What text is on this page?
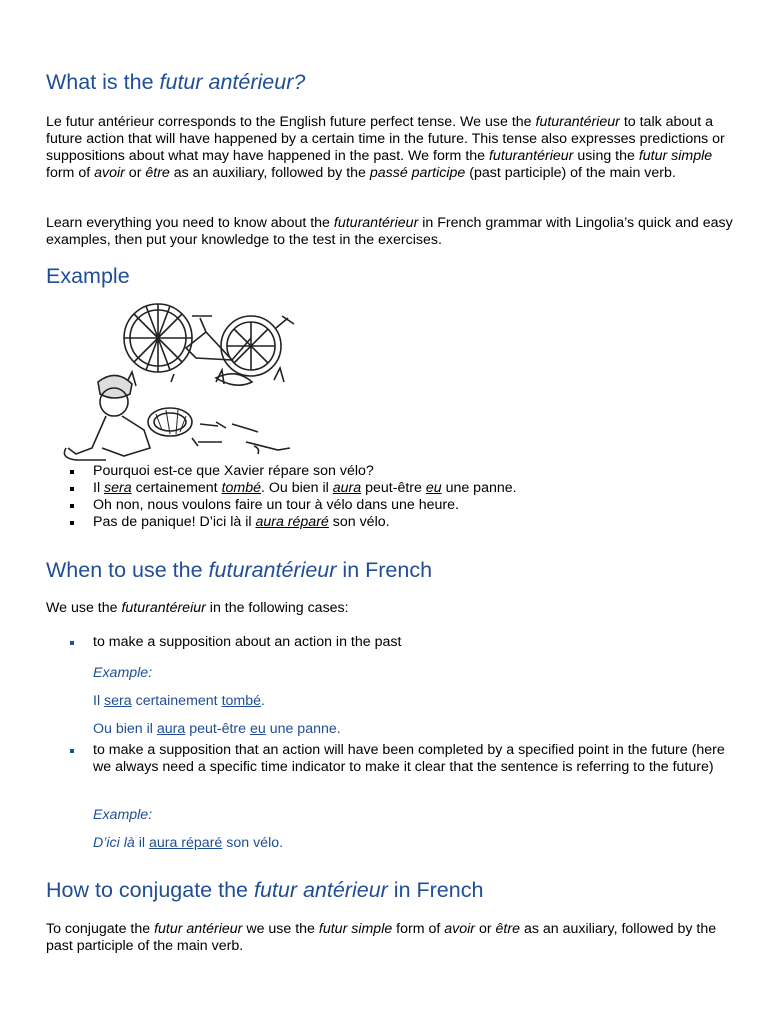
What is the futur antérieur?

Le futur antérieur corresponds to the English future perfect tense. We use the futurantérieur to talk about a future action that will have happened by a certain time in the future. This tense also expresses predictions or suppositions about what may have happened in the past. We form the futurantérieur using the futur simple form of avoir or être as an auxiliary, followed by the passé participe (past participle) of the main verb.

Learn everything you need to know about the futurantérieur in French grammar with Lingolia’s quick and easy examples, then put your knowledge to the test in the exercises.

Example
Pourquoi est-ce que Xavier répare son vélo?
Il sera certainement tombé. Ou bien il aura peut-être eu une panne.
Oh non, nous voulons faire un tour à vélo dans une heure.
Pas de panique! D’ici là il aura réparé son vélo.
When to use the futurantérieur in French

We use the futurantéreiur in the following cases:

to make a supposition about an action in the past

Example:

Il sera certainement tombé.

Ou bien il aura peut-être eu une panne.

to make a supposition that an action will have been completed by a specified point in the future (here we always need a specific time indicator to make it clear that the sentence is referring to the future)

Example:

D’ici là il aura réparé son vélo.

How to conjugate the futur antérieur in French

To conjugate the futur antérieur we use the futur simple form of avoir or être as an auxiliary, followed by the past participle of the main verb.
